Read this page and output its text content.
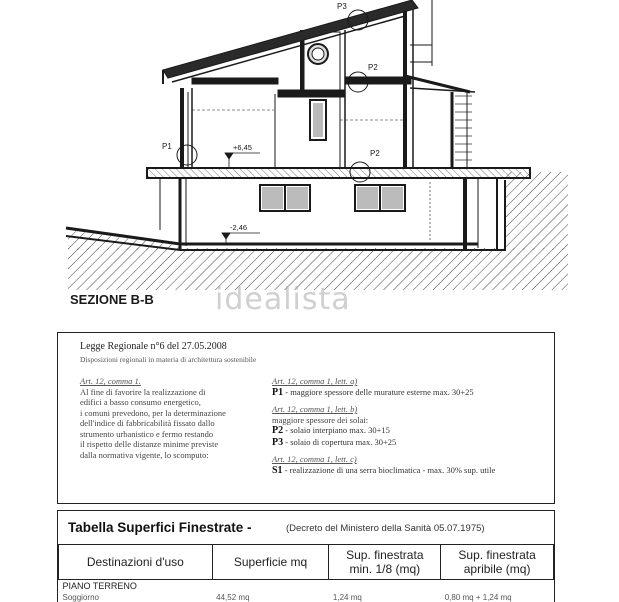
+6,45
-2,46
P1
P2
P2
P3
idealista
SEZIONE B-B
Legge Regionale n°6 del 27.05.2008
Disposizioni regionali in materia di architettura sostenibile
Art. 12, comma 1.
Al fine di favorire la realizzazione di
edifici a basso consumo energetico,
i comuni prevedono, per la determinazione
dell'indice di fabbricabilità fissato dallo
strumento urbanistico e fermo restando
il rispetto delle distanze minime previste
dalla normativa vigente, lo scomputo:
Art. 12, comma 1, lett. a)

P1 - maggiore spessore delle murature esterne max. 30+25

Art. 12, comma 1, lett. b)
maggiore spessore dei solai:

P2 - solaio interpiano max. 30+15

P3 - solaio di copertura max. 30+25

Art. 12, comma 1, lett. c)

S1 - realizzazione di una serra bioclimatica - max. 30% sup. utile

Tabella Superfici Finestrate -	(Decreto del Ministero della Sanità 05.07.1975)
Destinazioni d'uso	Superficie mq	Sup. finestrata min. 1/8 (mq)	Sup. finestrata apribile (mq)
PIANO TERRENO			
Soggiorno	44,52 mq	1,24 mq	0,80 mq + 1,24 mq
